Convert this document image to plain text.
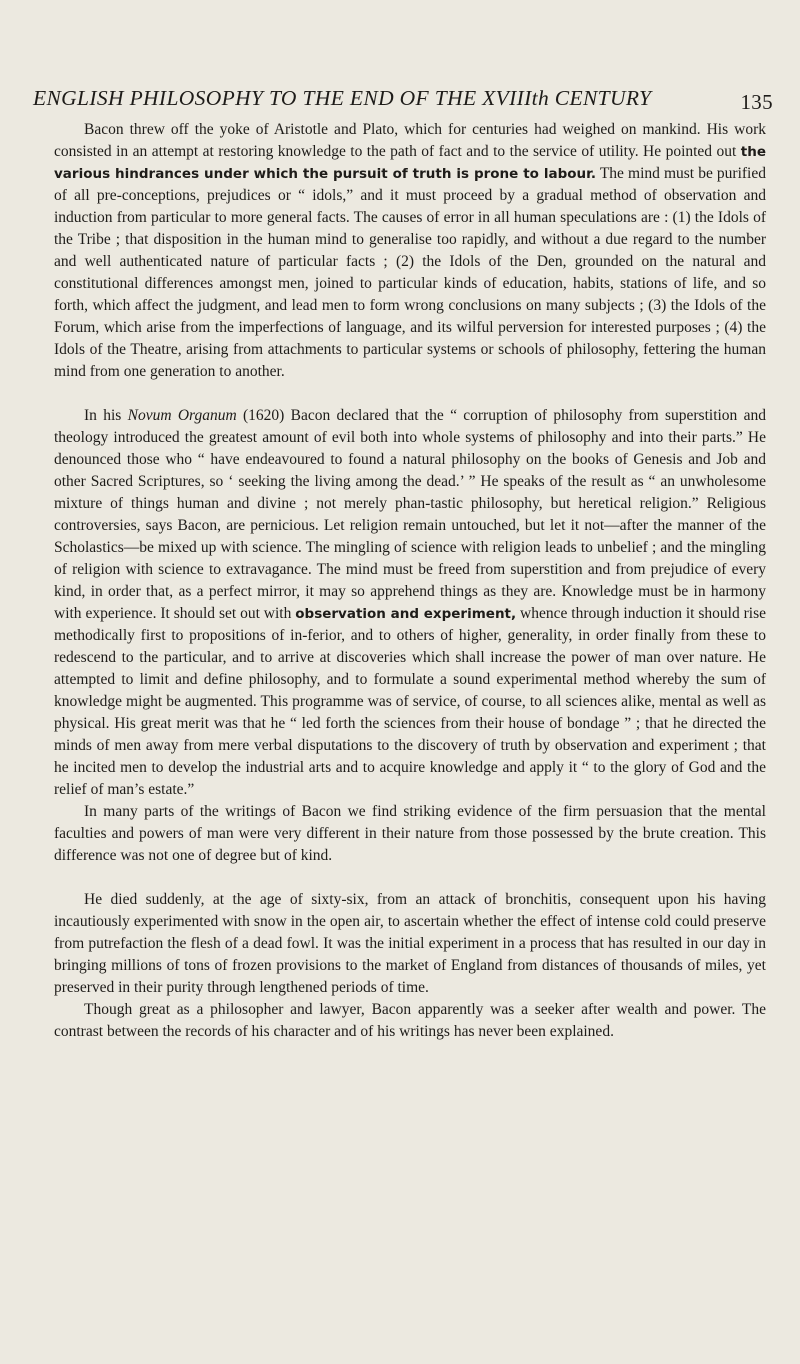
ENGLISH PHILOSOPHY TO THE END OF THE XVIIIth CENTURY	135

Bacon threw off the yoke of Aristotle and Plato, which for centuries had weighed on mankind. His work consisted in an attempt at restoring knowledge to the path of fact and to the service of utility. He pointed out the various hindrances under which the pursuit of truth is prone to labour. The mind must be purified of all pre-conceptions, prejudices or “ idols,” and it must proceed by a gradual method of observation and induction from particular to more general facts. The causes of error in all human speculations are : (1) the Idols of the Tribe ; that disposition in the human mind to generalise too rapidly, and without a due regard to the number and well authenticated nature of particular facts ; (2) the Idols of the Den, grounded on the natural and constitutional differences amongst men, joined to particular kinds of education, habits, stations of life, and so forth, which affect the judgment, and lead men to form wrong conclusions on many subjects ; (3) the Idols of the Forum, which arise from the imperfections of language, and its wilful perversion for interested purposes ; (4) the Idols of the Theatre, arising from attachments to particular systems or schools of philosophy, fettering the human mind from one generation to another.

In his Novum Organum (1620) Bacon declared that the “ corruption of philosophy from superstition and theology introduced the greatest amount of evil both into whole systems of philosophy and into their parts.” He denounced those who “ have endeavoured to found a natural philosophy on the books of Genesis and Job and other Sacred Scriptures, so ‘ seeking the living among the dead.’ ” He speaks of the result as “ an unwholesome mixture of things human and divine ; not merely phan-tastic philosophy, but heretical religion.” Religious controversies, says Bacon, are pernicious. Let religion remain untouched, but let it not—after the manner of the Scholastics—be mixed up with science. The mingling of science with religion leads to unbelief ; and the mingling of religion with science to extravagance. The mind must be freed from superstition and from prejudice of every kind, in order that, as a perfect mirror, it may so apprehend things as they are. Knowledge must be in harmony with experience. It should set out with observation and experiment, whence through induction it should rise methodically first to propositions of in-ferior, and to others of higher, generality, in order finally from these to redescend to the particular, and to arrive at discoveries which shall increase the power of man over nature. He attempted to limit and define philosophy, and to formulate a sound experimental method whereby the sum of knowledge might be augmented. This programme was of service, of course, to all sciences alike, mental as well as physical. His great merit was that he “ led forth the sciences from their house of bondage ” ; that he directed the minds of men away from mere verbal disputations to the discovery of truth by observation and experiment ; that he incited men to develop the industrial arts and to acquire knowledge and apply it “ to the glory of God and the relief of man’s estate.”

In many parts of the writings of Bacon we find striking evidence of the firm persuasion that the mental faculties and powers of man were very different in their nature from those possessed by the brute creation. This difference was not one of degree but of kind.

He died suddenly, at the age of sixty-six, from an attack of bronchitis, consequent upon his having incautiously experimented with snow in the open air, to ascertain whether the effect of intense cold could preserve from putrefaction the flesh of a dead fowl. It was the initial experiment in a process that has resulted in our day in bringing millions of tons of frozen provisions to the market of England from distances of thousands of miles, yet preserved in their purity through lengthened periods of time.

Though great as a philosopher and lawyer, Bacon apparently was a seeker after wealth and power. The contrast between the records of his character and of his writings has never been explained.
